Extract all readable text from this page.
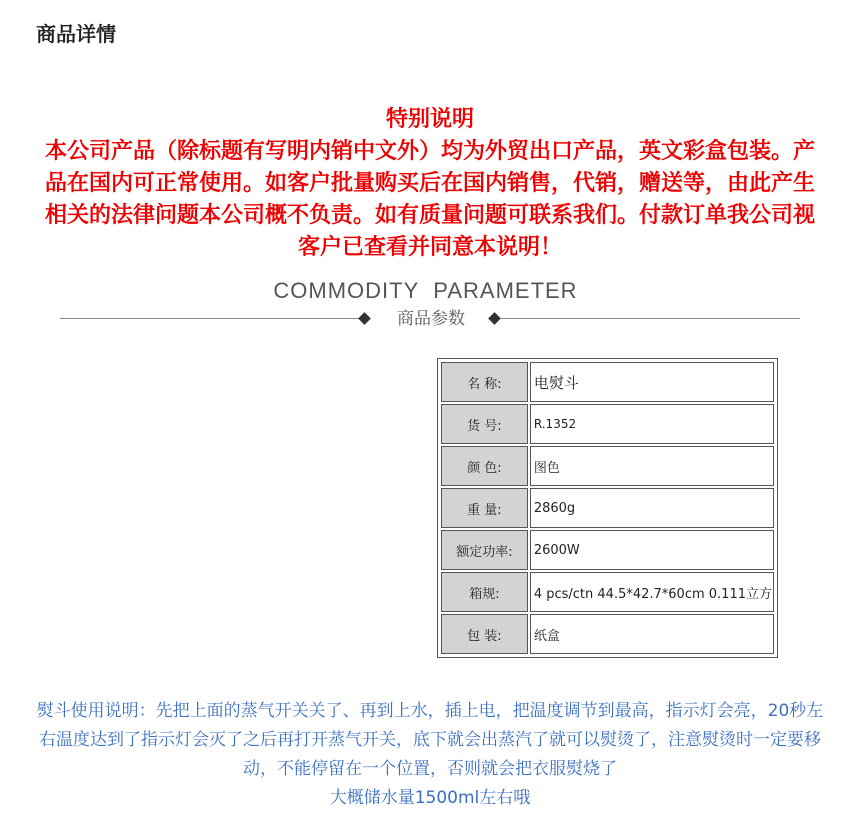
商品详情
特别说明
本公司产品（除标题有写明内销中文外）均为外贸出口产品，英文彩盒包装。产品在国内可正常使用。如客户批量购买后在国内销售，代销，赠送等，由此产生相关的法律问题本公司概不负责。如有质量问题可联系我们。付款订单我公司视客户已查看并同意本说明！
COMMODITY PARAMETER
商品参数
名 称:	电熨斗
货 号:	R.1352
颜 色:	图色
重 量:	2860g
额定功率:	2600W
箱规:	4 pcs/ctn 44.5*42.7*60cm 0.111立方
包 装:	纸盒
熨斗使用说明：先把上面的蒸气开关关了、再到上水，插上电，把温度调节到最高，指示灯会亮，20秒左右温度达到了指示灯会灭了之后再打开蒸气开关，底下就会出蒸汽了就可以熨烫了，注意熨烫时一定要移动，不能停留在一个位置，否则就会把衣服熨烧了
大概储水量1500ml左右哦
